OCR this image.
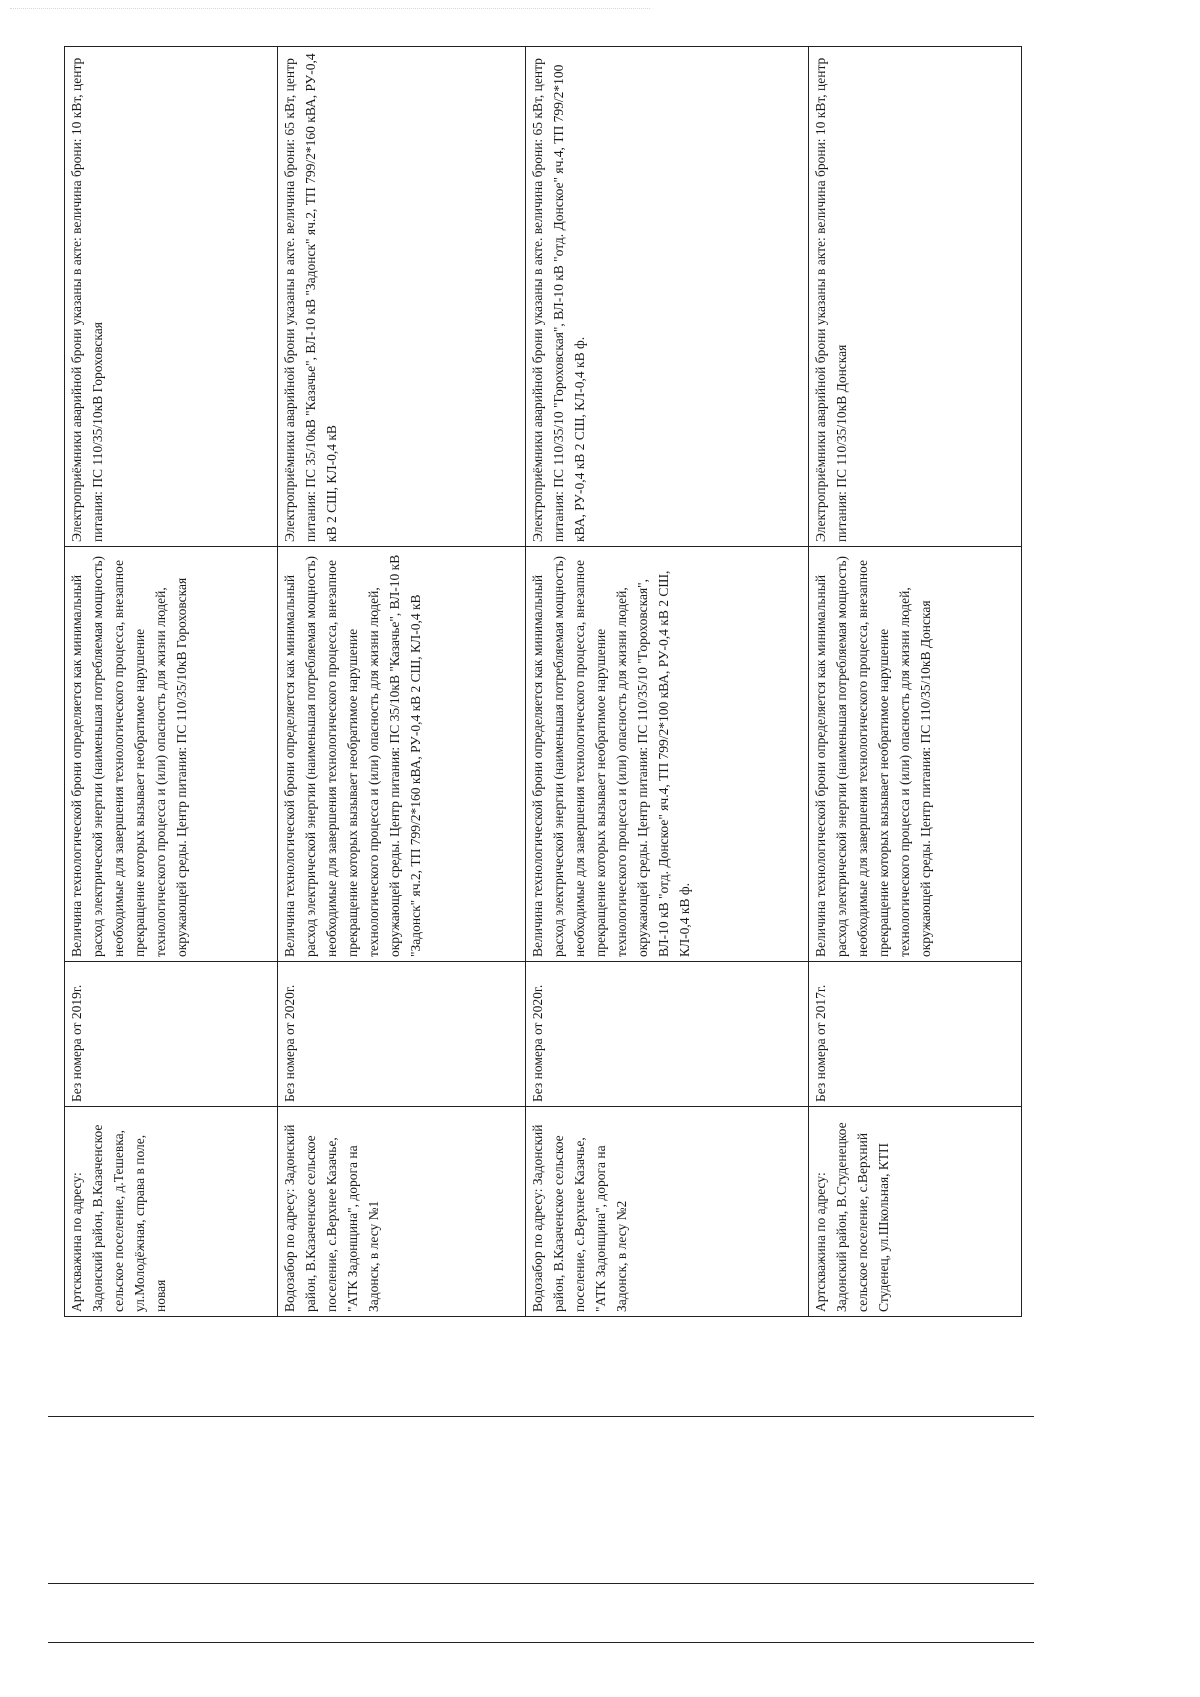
Артскважина по адресу: Задонский район, В.Казаченское сельское поселение, д.Тешевка, ул.Молодёжная, справа в поле, новая	Без номера от 2019г.	Величина технологической брони определяется как минимальный расход электрической энергии (наименьшая потребляемая мощность) необходимые для завершения технологического процесса, внезапное прекращение которых вызывает необратимое нарушение технологического процесса и (или) опасность для жизни людей, окружающей среды. Центр питания: ПС 110/35/10кВ Гороховская	Электроприёмники аварийной брони указаны в акте: величина брони: 10 кВт, центр питания: ПС 110/35/10кВ Гороховская
Водозабор по адресу: Задонский район, В.Казаченское сельское поселение, с.Верхнее Казачье, "АТК Задонщина", дорога на Задонск, в лесу №1	Без номера от 2020г.	Величина технологической брони определяется как минимальный расход электрической энергии (наименьшая потребляемая мощность) необходимые для завершения технологического процесса, внезапное прекращение которых вызывает необратимое нарушение технологического процесса и (или) опасность для жизни людей, окружающей среды. Центр питания: ПС 35/10кВ "Казачье", ВЛ-10 кВ "Задонск" яч.2, ТП 799/2*160 кВА, РУ-0,4 кВ 2 СШ, КЛ-0,4 кВ	Электроприёмники аварийной брони указаны в акте. величина брони: 65 кВт, центр питания: ПС 35/10кВ "Казачье", ВЛ-10 кВ "Задонск" яч.2, ТП 799/2*160 кВА, РУ-0,4 кВ 2 СШ, КЛ-0,4 кВ
Водозабор по адресу: Задонский район, В.Казаченское сельское поселение, с.Верхнее Казачье, "АТК Задонщина", дорога на Задонск, в лесу №2	Без номера от 2020г.	Величина технологической брони определяется как минимальный расход электрической энергии (наименьшая потребляемая мощность) необходимые для завершения технологического процесса, внезапное прекращение которых вызывает необратимое нарушение технологического процесса и (или) опасность для жизни людей, окружающей среды. Центр питания: ПС 110/35/10 "Гороховская", ВЛ-10 кВ "отд. Донское" яч.4, ТП 799/2*100 кВА, РУ-0,4 кВ 2 СШ, КЛ-0,4 кВ ф.	Электроприёмники аварийной брони указаны в акте. величина брони: 65 кВт, центр питания: ПС 110/35/10 "Гороховская", ВЛ-10 кВ "отд. Донское" яч.4, ТП 799/2*100 кВА, РУ-0,4 кВ 2 СШ, КЛ-0,4 кВ ф.
Артскважина по адресу: Задонский район, В.Студенецкое сельское поселение, с.Верхний Студенец, ул.Школьная, КТП	Без номера от 2017г.	Величина технологической брони определяется как минимальный расход электрической энергии (наименьшая потребляемая мощность) необходимые для завершения технологического процесса, внезапное прекращение которых вызывает необратимое нарушение технологического процесса и (или) опасность для жизни людей, окружающей среды. Центр питания: ПС 110/35/10кВ Донская	Электроприёмники аварийной брони указаны в акте: величина брони: 10 кВт, центр питания: ПС 110/35/10кВ Донская
